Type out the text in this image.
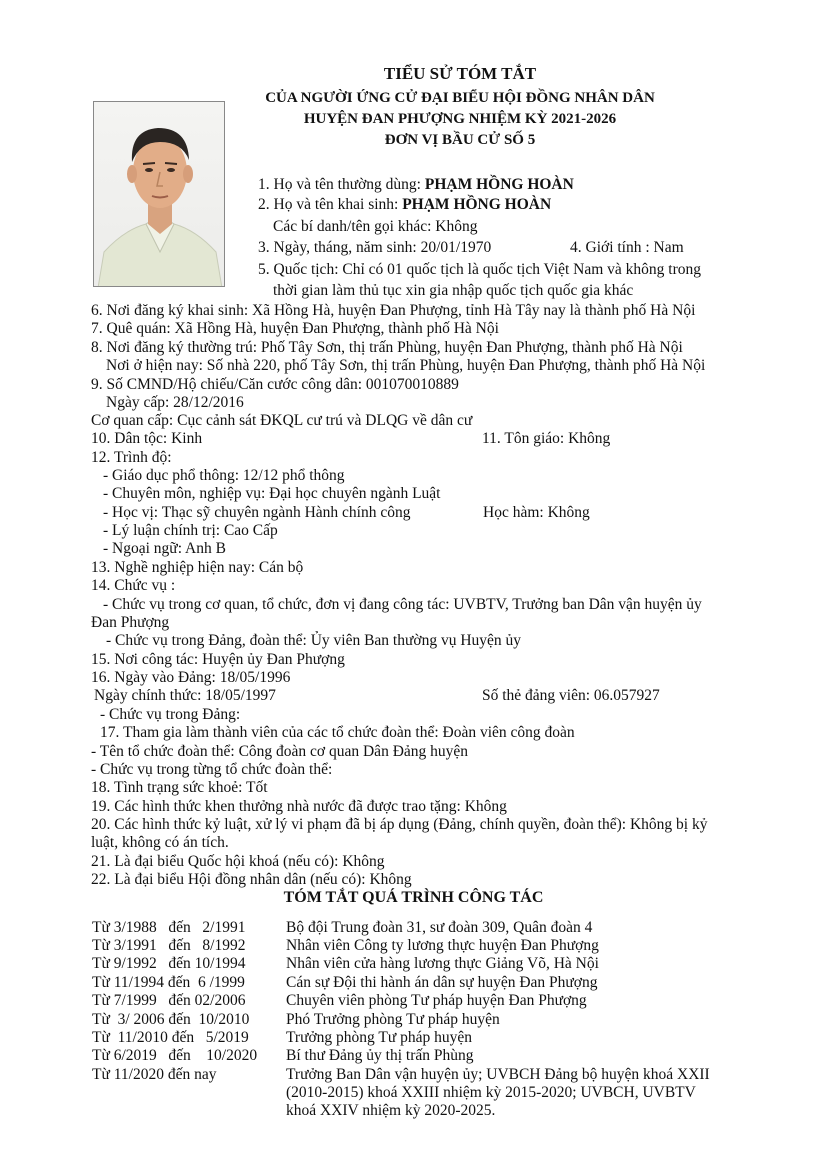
TIỂU SỬ TÓM TẮT
CỦA NGƯỜI ỨNG CỬ ĐẠI BIỂU HỘI ĐỒNG NHÂN DÂN
HUYỆN ĐAN PHƯỢNG NHIỆM KỲ 2021-2026
ĐƠN VỊ BẦU CỬ SỐ 5
1. Họ và tên thường dùng: PHẠM HỒNG HOÀN
2. Họ và tên khai sinh: PHẠM HỒNG HOÀN
Các bí danh/tên gọi khác: Không
3. Ngày, tháng, năm sinh: 20/01/1970	4. Giới tính : Nam
5. Quốc tịch: Chỉ có 01 quốc tịch là quốc tịch Việt Nam và không trong
thời gian làm thủ tục xin gia nhập quốc tịch quốc gia khác
6. Nơi đăng ký khai sinh: Xã Hồng Hà, huyện Đan Phượng, tỉnh Hà Tây nay là thành phố Hà Nội
7. Quê quán: Xã Hồng Hà, huyện Đan Phượng, thành phố Hà Nội
8. Nơi đăng ký thường trú: Phố Tây Sơn, thị trấn Phùng, huyện Đan Phượng, thành phố Hà Nội
Nơi ở hiện nay: Số nhà 220, phố Tây Sơn, thị trấn Phùng, huyện Đan Phượng, thành phố Hà Nội
9. Số CMND/Hộ chiếu/Căn cước công dân: 001070010889
Ngày cấp: 28/12/2016
Cơ quan cấp: Cục cảnh sát ĐKQL cư trú và DLQG về dân cư
10. Dân tộc: Kinh	11. Tôn giáo: Không
12. Trình độ:
- Giáo dục phổ thông: 12/12 phổ thông
- Chuyên môn, nghiệp vụ: Đại học chuyên ngành Luật
- Học vị: Thạc sỹ chuyên ngành Hành chính công	Học hàm: Không
- Lý luận chính trị: Cao Cấp
- Ngoại ngữ: Anh B
13. Nghề nghiệp hiện nay: Cán bộ
14. Chức vụ :
- Chức vụ trong cơ quan, tổ chức, đơn vị đang công tác: UVBTV, Trưởng ban Dân vận huyện ủy
Đan Phượng
- Chức vụ trong Đảng, đoàn thể: Ủy viên Ban thường vụ Huyện ủy
15. Nơi công tác: Huyện ủy Đan Phượng
16. Ngày vào Đảng: 18/05/1996
Ngày chính thức: 18/05/1997	Số thẻ đảng viên: 06.057927
- Chức vụ trong Đảng:
17. Tham gia làm thành viên của các tổ chức đoàn thể: Đoàn viên công đoàn
- Tên tổ chức đoàn thể: Công đoàn cơ quan Dân Đảng huyện
- Chức vụ trong từng tổ chức đoàn thể:
18. Tình trạng sức khoẻ: Tốt
19. Các hình thức khen thưởng nhà nước đã được trao tặng: Không
20. Các hình thức kỷ luật, xử lý vi phạm đã bị áp dụng (Đảng, chính quyền, đoàn thể): Không bị kỷ
luật, không có án tích.
21. Là đại biểu Quốc hội khoá (nếu có): Không
22. Là đại biểu Hội đồng nhân dân (nếu có): Không
TÓM TẮT QUÁ TRÌNH CÔNG TÁC
Từ 3/1988   đến   2/1991	Bộ đội Trung đoàn 31, sư đoàn 309, Quân đoàn 4
Từ 3/1991   đến   8/1992	Nhân viên Công ty lương thực huyện Đan Phượng
Từ 9/1992   đến 10/1994	Nhân viên cửa hàng lương thực Giảng Võ, Hà Nội
Từ 11/1994 đến  6 /1999	Cán sự Đội thi hành án dân sự huyện Đan Phượng
Từ 7/1999   đến 02/2006	Chuyên viên phòng Tư pháp huyện Đan Phượng
Từ  3/ 2006 đến  10/2010	Phó Trưởng phòng Tư pháp huyện
Từ  11/2010 đến   5/2019	Trưởng phòng Tư pháp huyện
Từ 6/2019   đến    10/2020	Bí thư Đảng ủy thị trấn Phùng
Từ 11/2020 đến nay	Trưởng Ban Dân vận huyện ủy; UVBCH Đảng bộ huyện khoá XXII (2010-2015) khoá XXIII nhiệm kỳ 2015-2020; UVBCH, UVBTV khoá XXIV nhiệm kỳ 2020-2025.
